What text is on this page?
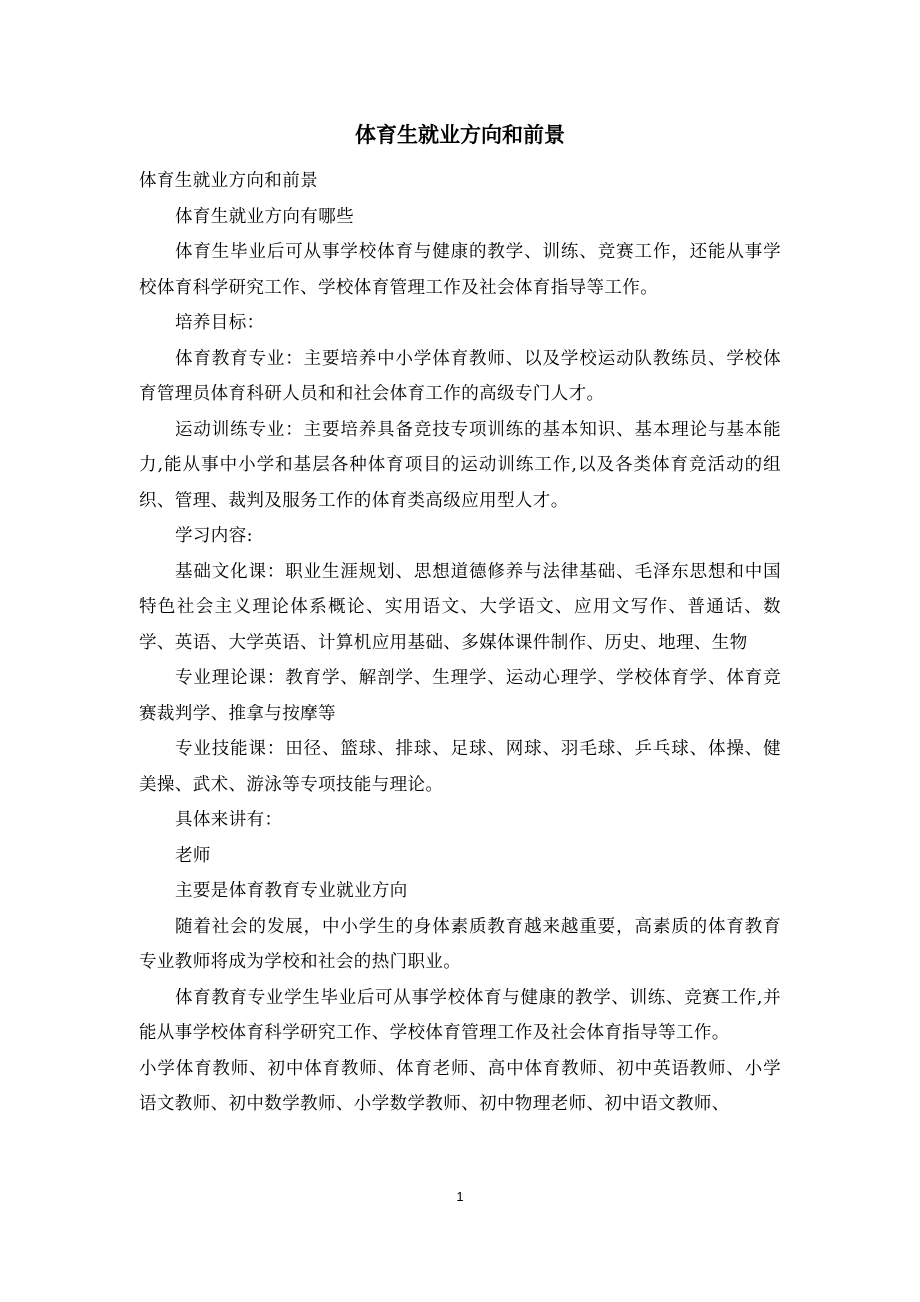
体育生就业方向和前景

体育生就业方向和前景

体育生就业方向有哪些

体育生毕业后可从事学校体育与健康的教学、训练、竞赛工作，还能从事学校体育科学研究工作、学校体育管理工作及社会体育指导等工作。

培养目标：

体育教育专业：主要培养中小学体育教师、以及学校运动队教练员、学校体育管理员体育科研人员和和社会体育工作的高级专门人才。

运动训练专业：主要培养具备竞技专项训练的基本知识、基本理论与基本能力,能从事中小学和基层各种体育项目的运动训练工作,以及各类体育竞活动的组织、管理、裁判及服务工作的体育类高级应用型人才。

学习内容:

基础文化课：职业生涯规划、思想道德修养与法律基础、毛泽东思想和中国特色社会主义理论体系概论、实用语文、大学语文、应用文写作、普通话、数学、英语、大学英语、计算机应用基础、多媒体课件制作、历史、地理、生物

专业理论课：教育学、解剖学、生理学、运动心理学、学校体育学、体育竞赛裁判学、推拿与按摩等

专业技能课：田径、篮球、排球、足球、网球、羽毛球、乒乓球、体操、健美操、武术、游泳等专项技能与理论。

具体来讲有：

老师

主要是体育教育专业就业方向

随着社会的发展，中小学生的身体素质教育越来越重要，高素质的体育教育专业教师将成为学校和社会的热门职业。

体育教育专业学生毕业后可从事学校体育与健康的教学、训练、竞赛工作,并能从事学校体育科学研究工作、学校体育管理工作及社会体育指导等工作。

小学体育教师、初中体育教师、体育老师、高中体育教师、初中英语教师、小学语文教师、初中数学教师、小学数学教师、初中物理老师、初中语文教师、

1
